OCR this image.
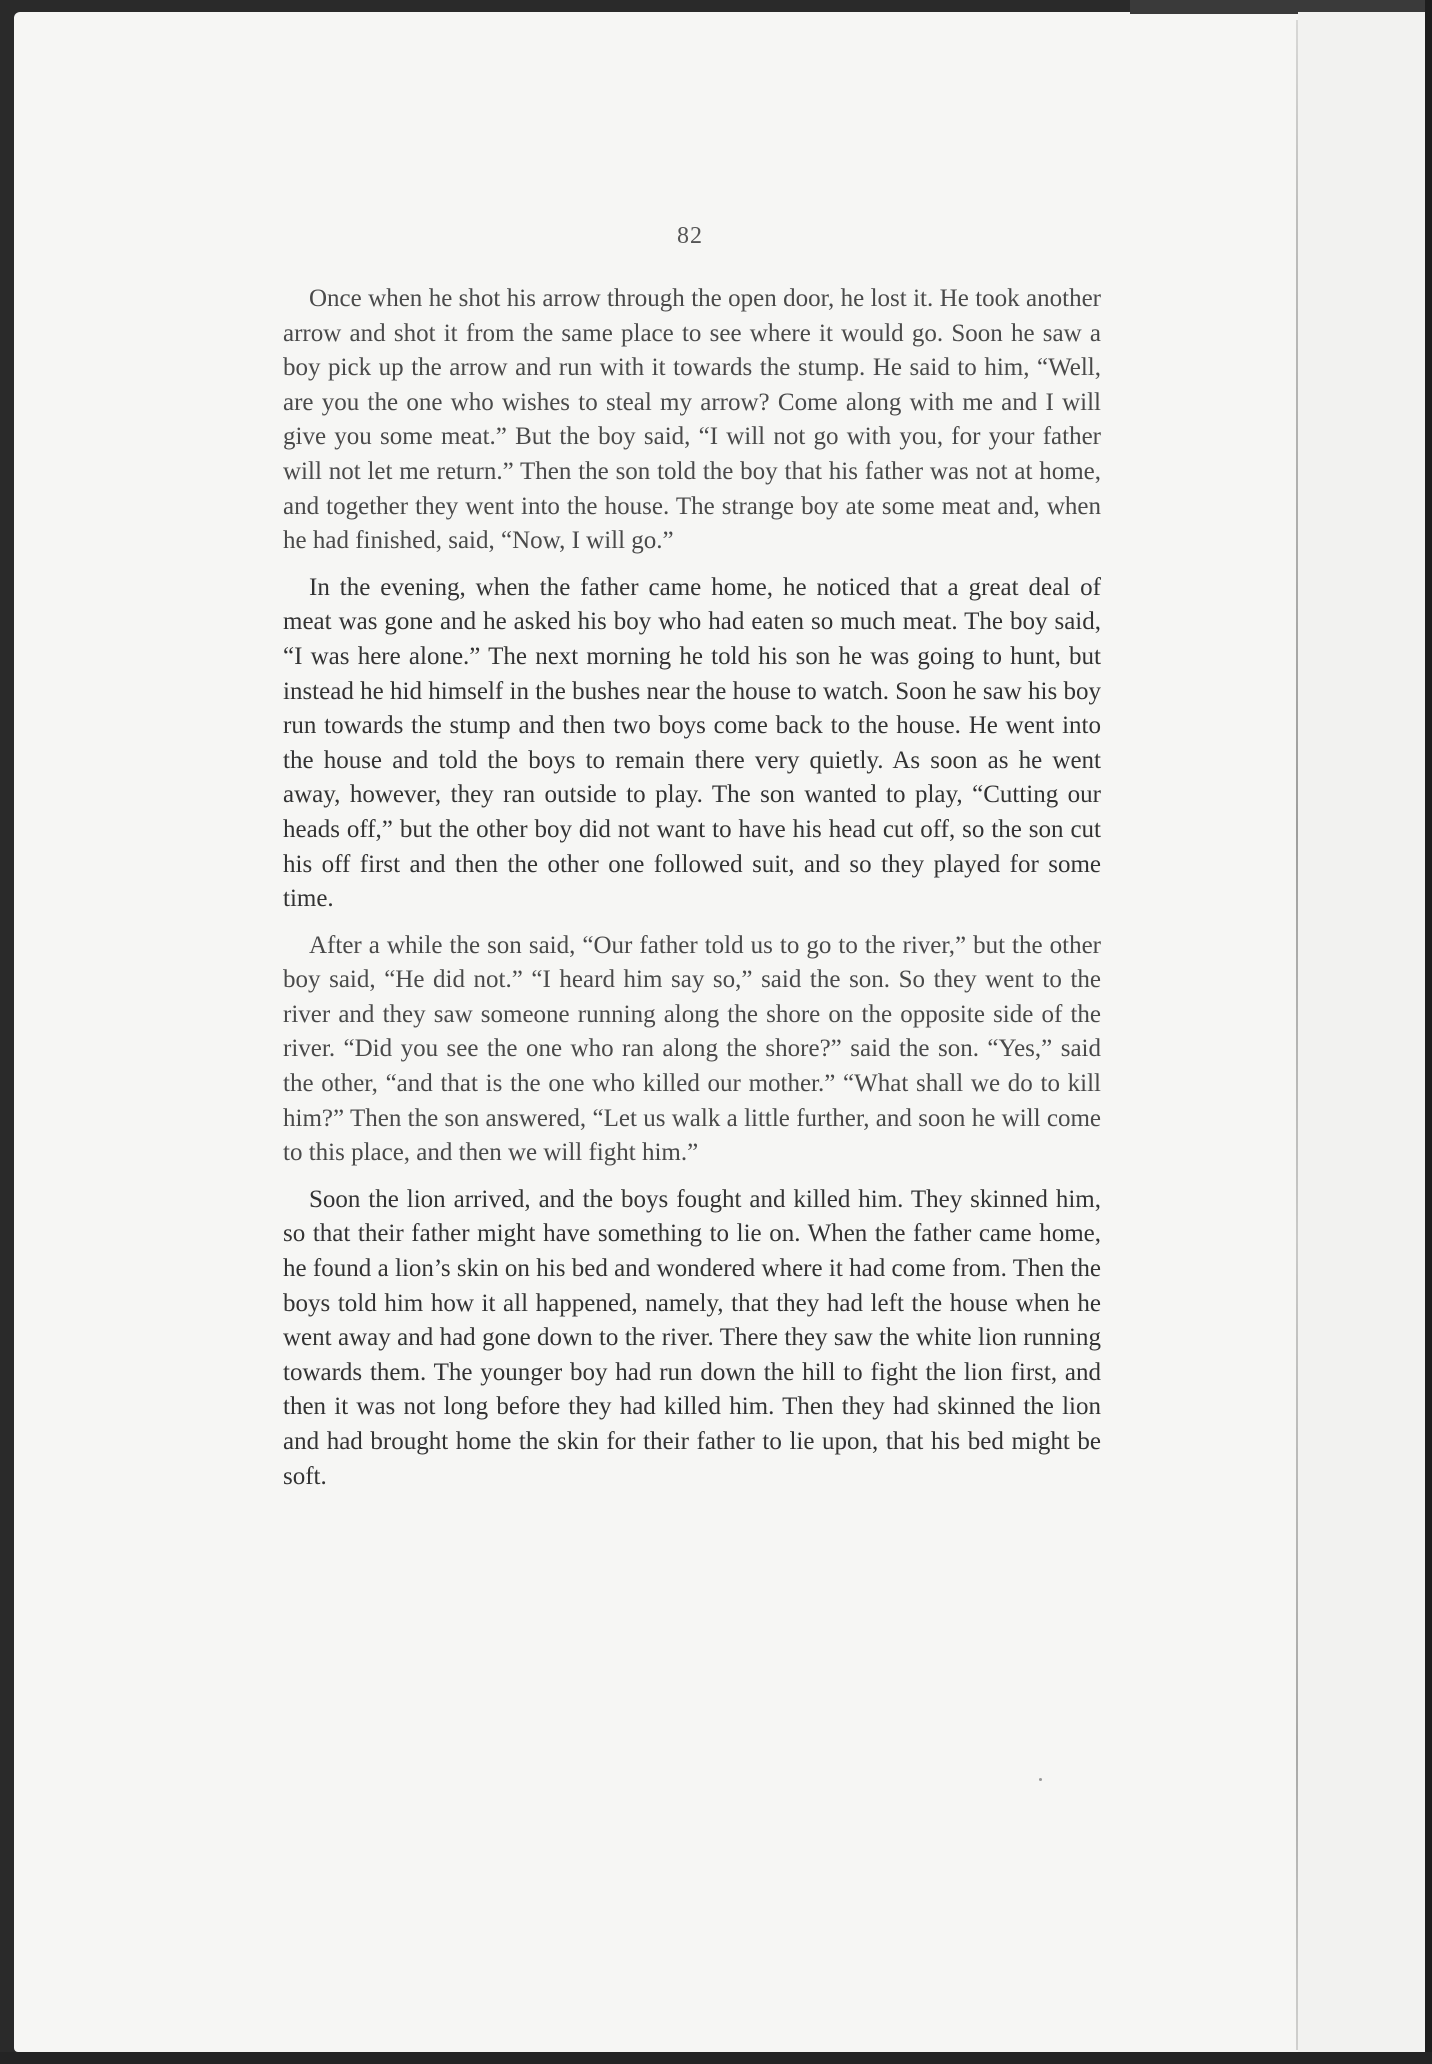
82

Once when he shot his arrow through the open door, he lost it. He took another arrow and shot it from the same place to see where it would go. Soon he saw a boy pick up the arrow and run with it towards the stump. He said to him, “Well, are you the one who wishes to steal my arrow? Come along with me and I will give you some meat.” But the boy said, “I will not go with you, for your father will not let me return.” Then the son told the boy that his father was not at home, and together they went into the house. The strange boy ate some meat and, when he had finished, said, “Now, I will go.”

In the evening, when the father came home, he noticed that a great deal of meat was gone and he asked his boy who had eaten so much meat. The boy said, “I was here alone.” The next morning he told his son he was going to hunt, but instead he hid himself in the bushes near the house to watch. Soon he saw his boy run towards the stump and then two boys come back to the house. He went into the house and told the boys to remain there very quietly. As soon as he went away, however, they ran outside to play. The son wanted to play, “Cutting our heads off,” but the other boy did not want to have his head cut off, so the son cut his off first and then the other one followed suit, and so they played for some time.

After a while the son said, “Our father told us to go to the river,” but the other boy said, “He did not.” “I heard him say so,” said the son. So they went to the river and they saw someone running along the shore on the opposite side of the river. “Did you see the one who ran along the shore?” said the son. “Yes,” said the other, “and that is the one who killed our mother.” “What shall we do to kill him?” Then the son answered, “Let us walk a little further, and soon he will come to this place, and then we will fight him.”

Soon the lion arrived, and the boys fought and killed him. They skinned him, so that their father might have something to lie on. When the father came home, he found a lion’s skin on his bed and wondered where it had come from. Then the boys told him how it all happened, namely, that they had left the house when he went away and had gone down to the river. There they saw the white lion running towards them. The younger boy had run down the hill to fight the lion first, and then it was not long before they had killed him. Then they had skinned the lion and had brought home the skin for their father to lie upon, that his bed might be soft.
